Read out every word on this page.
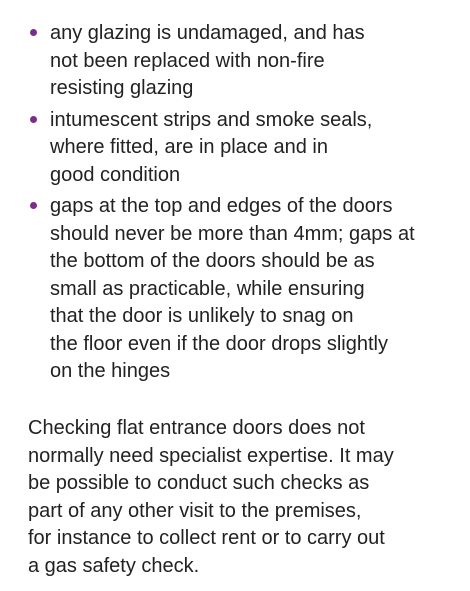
any glazing is undamaged, and has
not been replaced with non-fire
resisting glazing
intumescent strips and smoke seals,
where fitted, are in place and in
good condition
gaps at the top and edges of the doors
should never be more than 4mm; gaps at
the bottom of the doors should be as
small as practicable, while ensuring
that the door is unlikely to snag on
the floor even if the door drops slightly
on the hinges

Checking flat entrance doors does not
normally need specialist expertise. It may
be possible to conduct such checks as
part of any other visit to the premises,
for instance to collect rent or to carry out
a gas safety check.
